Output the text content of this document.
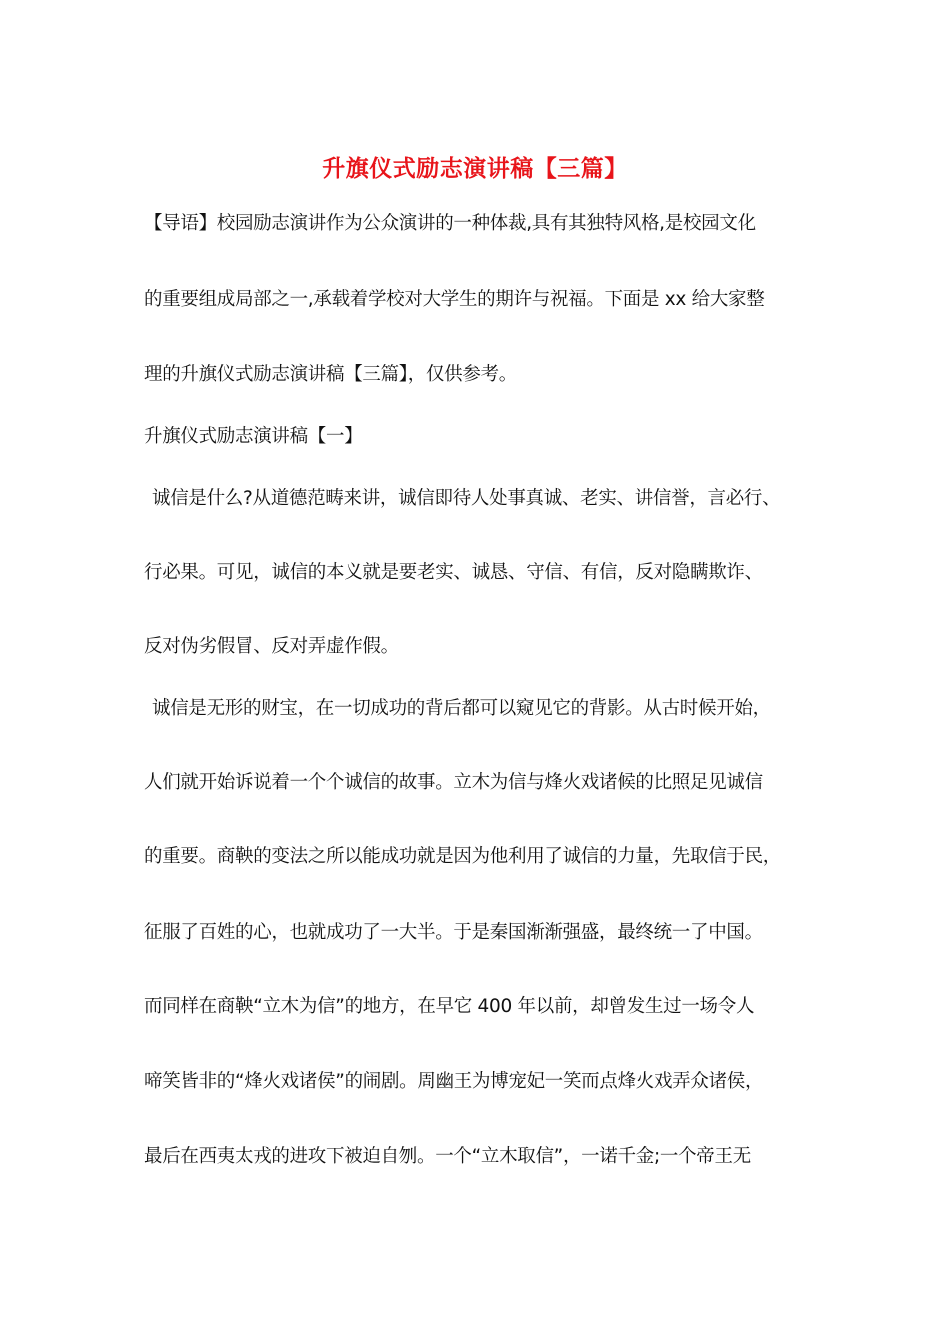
升旗仪式励志演讲稿【三篇】
【导语】校园励志演讲作为公众演讲的一种体裁,具有其独特风格,是校园文化
的重要组成局部之一,承载着学校对大学生的期许与祝福。下面是 xx 给大家整
理的升旗仪式励志演讲稿【三篇】，仅供参考。
升旗仪式励志演讲稿【一】
诚信是什么?从道德范畴来讲，诚信即待人处事真诚、老实、讲信誉，言必行、
行必果。可见，诚信的本义就是要老实、诚恳、守信、有信，反对隐瞒欺诈、
反对伪劣假冒、反对弄虚作假。
诚信是无形的财宝，在一切成功的背后都可以窥见它的背影。从古时候开始，
人们就开始诉说着一个个诚信的故事。立木为信与烽火戏诸候的比照足见诚信
的重要。商鞅的变法之所以能成功就是因为他利用了诚信的力量，先取信于民，
征服了百姓的心，也就成功了一大半。于是秦国渐渐强盛，最终统一了中国。
而同样在商鞅“立木为信”的地方，在早它 400 年以前，却曾发生过一场令人
啼笑皆非的“烽火戏诸侯”的闹剧。周幽王为博宠妃一笑而点烽火戏弄众诸侯，
最后在西夷太戎的进攻下被迫自刎。一个“立木取信”，一诺千金;一个帝王无
